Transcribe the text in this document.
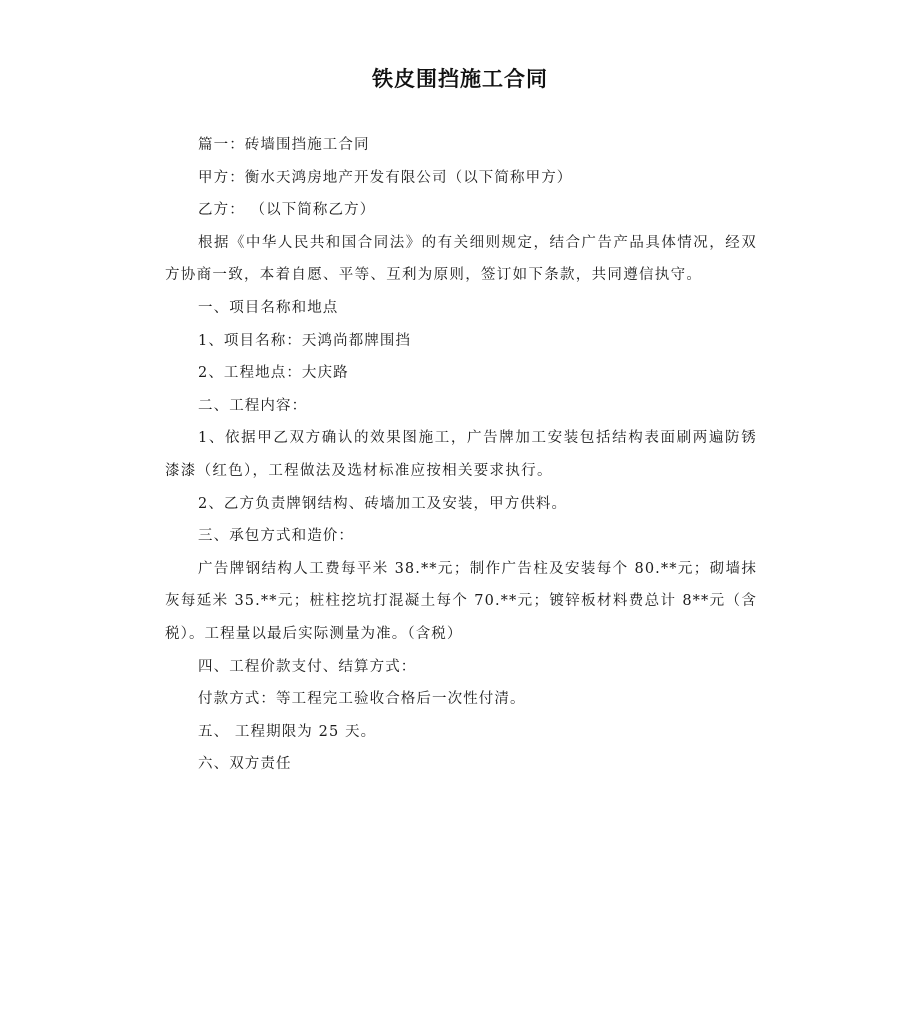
铁皮围挡施工合同

篇一：砖墙围挡施工合同

甲方：衡水天鸿房地产开发有限公司（以下简称甲方）

乙方： （以下简称乙方）

根据《中华人民共和国合同法》的有关细则规定，结合广告产品具体情况，经双方协商一致，本着自愿、平等、互利为原则，签订如下条款，共同遵信执守。

一、项目名称和地点

1、项目名称：天鸿尚都牌围挡

2、工程地点：大庆路

二、工程内容：

1、依据甲乙双方确认的效果图施工，广告牌加工安装包括结构表面刷两遍防锈漆漆（红色），工程做法及选材标准应按相关要求执行。

2、乙方负责牌钢结构、砖墙加工及安装，甲方供料。

三、承包方式和造价：

广告牌钢结构人工费每平米 38.**元；制作广告柱及安装每个 80.**元；砌墙抹灰每延米 35.**元；桩柱挖坑打混凝土每个 70.**元；镀锌板材料费总计 8**元（含税）。工程量以最后实际测量为准。（含税）

四、工程价款支付、结算方式：

付款方式：等工程完工验收合格后一次性付清。

五、 工程期限为 25 天。

六、双方责任
